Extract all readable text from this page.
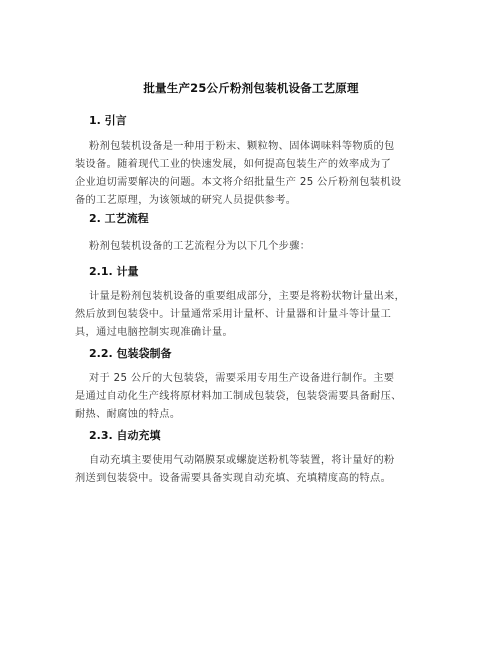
批量生产25公斤粉剂包装机设备工艺原理
1. 引言
粉剂包装机设备是一种用于粉末、颗粒物、固体调味料等物质的包
装设备。随着现代工业的快速发展，如何提高包装生产的效率成为了
企业迫切需要解决的问题。本文将介绍批量生产 25 公斤粉剂包装机设
备的工艺原理，为该领域的研究人员提供参考。
2. 工艺流程
粉剂包装机设备的工艺流程分为以下几个步骤：
2.1. 计量
计量是粉剂包装机设备的重要组成部分，主要是将粉状物计量出来，
然后放到包装袋中。计量通常采用计量杯、计量器和计量斗等计量工
具，通过电脑控制实现准确计量。
2.2. 包装袋制备
对于 25 公斤的大包装袋，需要采用专用生产设备进行制作。主要
是通过自动化生产线将原材料加工制成包装袋，包装袋需要具备耐压、
耐热、耐腐蚀的特点。
2.3. 自动充填
自动充填主要使用气动隔膜泵或螺旋送粉机等装置，将计量好的粉
剂送到包装袋中。设备需要具备实现自动充填、充填精度高的特点。
